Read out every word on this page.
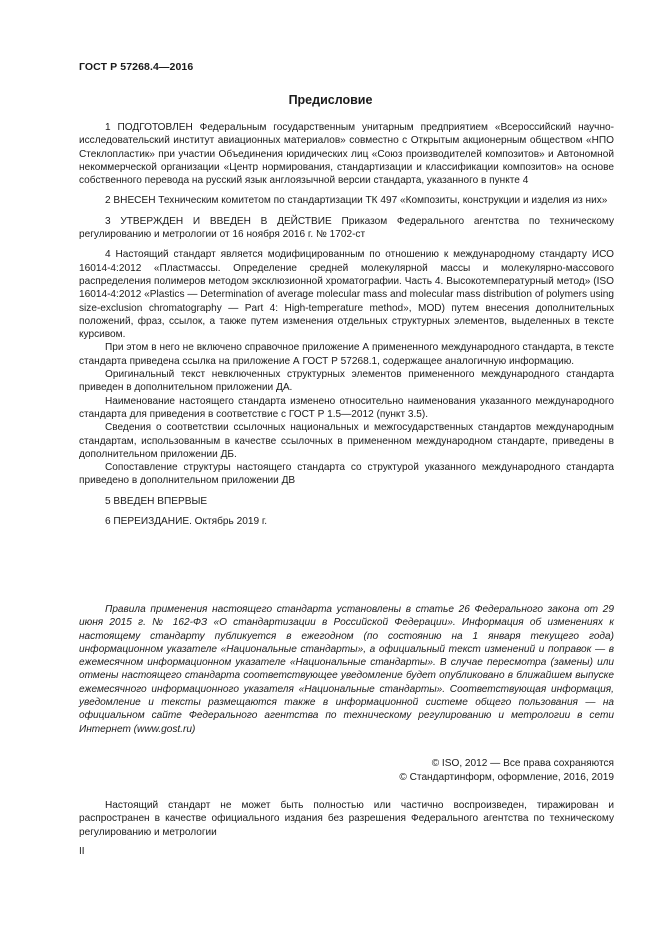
ГОСТ Р 57268.4—2016
Предисловие

1 ПОДГОТОВЛЕН Федеральным государственным унитарным предприятием «Всероссийский научно-исследовательский институт авиационных материалов» совместно с Открытым акционерным обществом «НПО Стеклопластик» при участии Объединения юридических лиц «Союз производителей композитов» и Автономной некоммерческой организации «Центр нормирования, стандартизации и классификации композитов» на основе собственного перевода на русский язык англоязычной версии стандарта, указанного в пункте 4

2 ВНЕСЕН Техническим комитетом по стандартизации ТК 497 «Композиты, конструкции и изделия из них»

3 УТВЕРЖДЕН И ВВЕДЕН В ДЕЙСТВИЕ Приказом Федерального агентства по техническому регулированию и метрологии от 16 ноября 2016 г. № 1702-ст

4 Настоящий стандарт является модифицированным по отношению к международному стандарту ИСО 16014-4:2012 «Пластмассы. Определение средней молекулярной массы и молекулярно-массового распределения полимеров методом эксклюзионной хроматографии. Часть 4. Высокотемпературный метод» (ISO 16014-4:2012 «Plastics — Determination of average molecular mass and molecular mass distribution of polymers using size-exclusion chromatography — Part 4: High-temperature method», MOD) путем внесения дополнительных положений, фраз, ссылок, а также путем изменения отдельных структурных элементов, выделенных в тексте курсивом.

При этом в него не включено справочное приложение А примененного международного стандарта, в тексте стандарта приведена ссылка на приложение А ГОСТ Р 57268.1, содержащее аналогичную информацию.

Оригинальный текст невключенных структурных элементов примененного международного стандарта приведен в дополнительном приложении ДА.

Наименование настоящего стандарта изменено относительно наименования указанного международного стандарта для приведения в соответствие с ГОСТ Р 1.5—2012 (пункт 3.5).

Сведения о соответствии ссылочных национальных и межгосударственных стандартов международным стандартам, использованным в качестве ссылочных в примененном международном стандарте, приведены в дополнительном приложении ДБ.

Сопоставление структуры настоящего стандарта со структурой указанного международного стандарта приведено в дополнительном приложении ДВ

5 ВВЕДЕН ВПЕРВЫЕ

6 ПЕРЕИЗДАНИЕ. Октябрь 2019 г.

Правила применения настоящего стандарта установлены в статье 26 Федерального закона от 29 июня 2015 г. № 162-ФЗ «О стандартизации в Российской Федерации». Информация об изменениях к настоящему стандарту публикуется в ежегодном (по состоянию на 1 января текущего года) информационном указателе «Национальные стандарты», а официальный текст изменений и поправок — в ежемесячном информационном указателе «Национальные стандарты». В случае пересмотра (замены) или отмены настоящего стандарта соответствующее уведомление будет опубликовано в ближайшем выпуске ежемесячного информационного указателя «Национальные стандарты». Соответствующая информация, уведомление и тексты размещаются также в информационной системе общего пользования — на официальном сайте Федерального агентства по техническому регулированию и метрологии в сети Интернет (www.gost.ru)

© ISO, 2012 — Все права сохраняются
© Стандартинформ, оформление, 2016, 2019

Настоящий стандарт не может быть полностью или частично воспроизведен, тиражирован и распространен в качестве официального издания без разрешения Федерального агентства по техническому регулированию и метрологии

II
